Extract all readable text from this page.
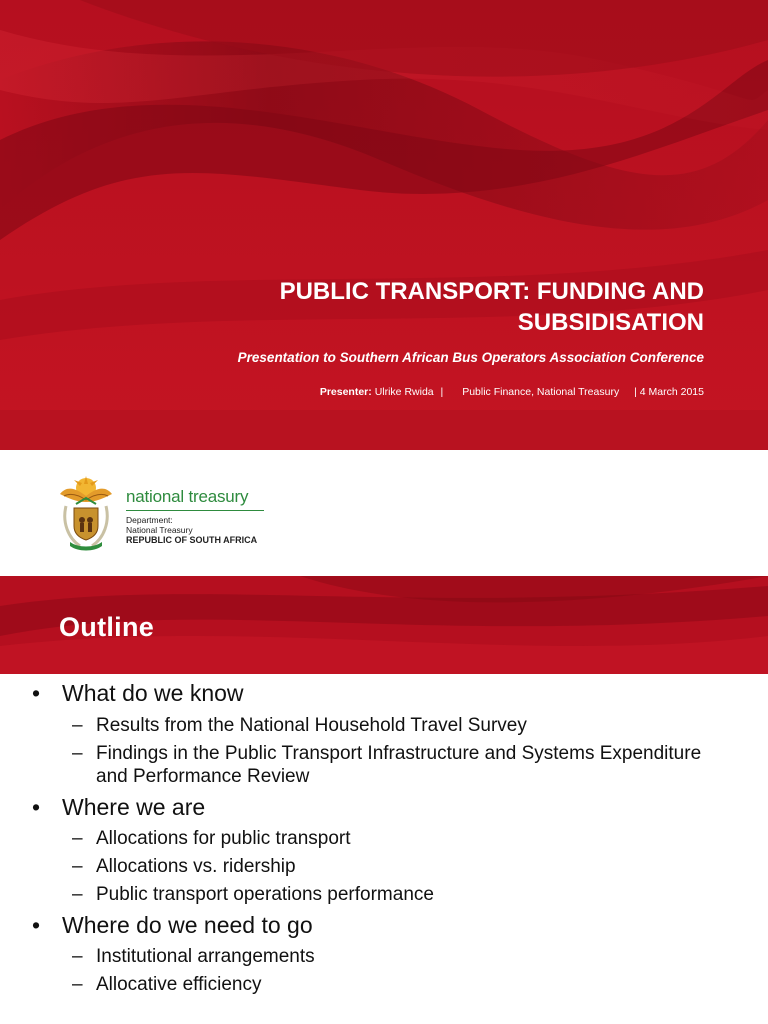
PUBLIC TRANSPORT: FUNDING AND
SUBSIDISATION
Presentation to Southern African Bus Operators Association Conference
Presenter: Ulrike Rwida | Public Finance, National Treasury | 4 March 2015
national treasury
Department:
National Treasury
REPUBLIC OF SOUTH AFRICA
Outline
• What do we know
– Results from the National Household Travel Survey
– Findings in the Public Transport Infrastructure and Systems Expenditure and Performance Review
• Where we are
– Allocations for public transport
– Allocations vs. ridership
– Public transport operations performance
• Where do we need to go
– Institutional arrangements
– Allocative efficiency
